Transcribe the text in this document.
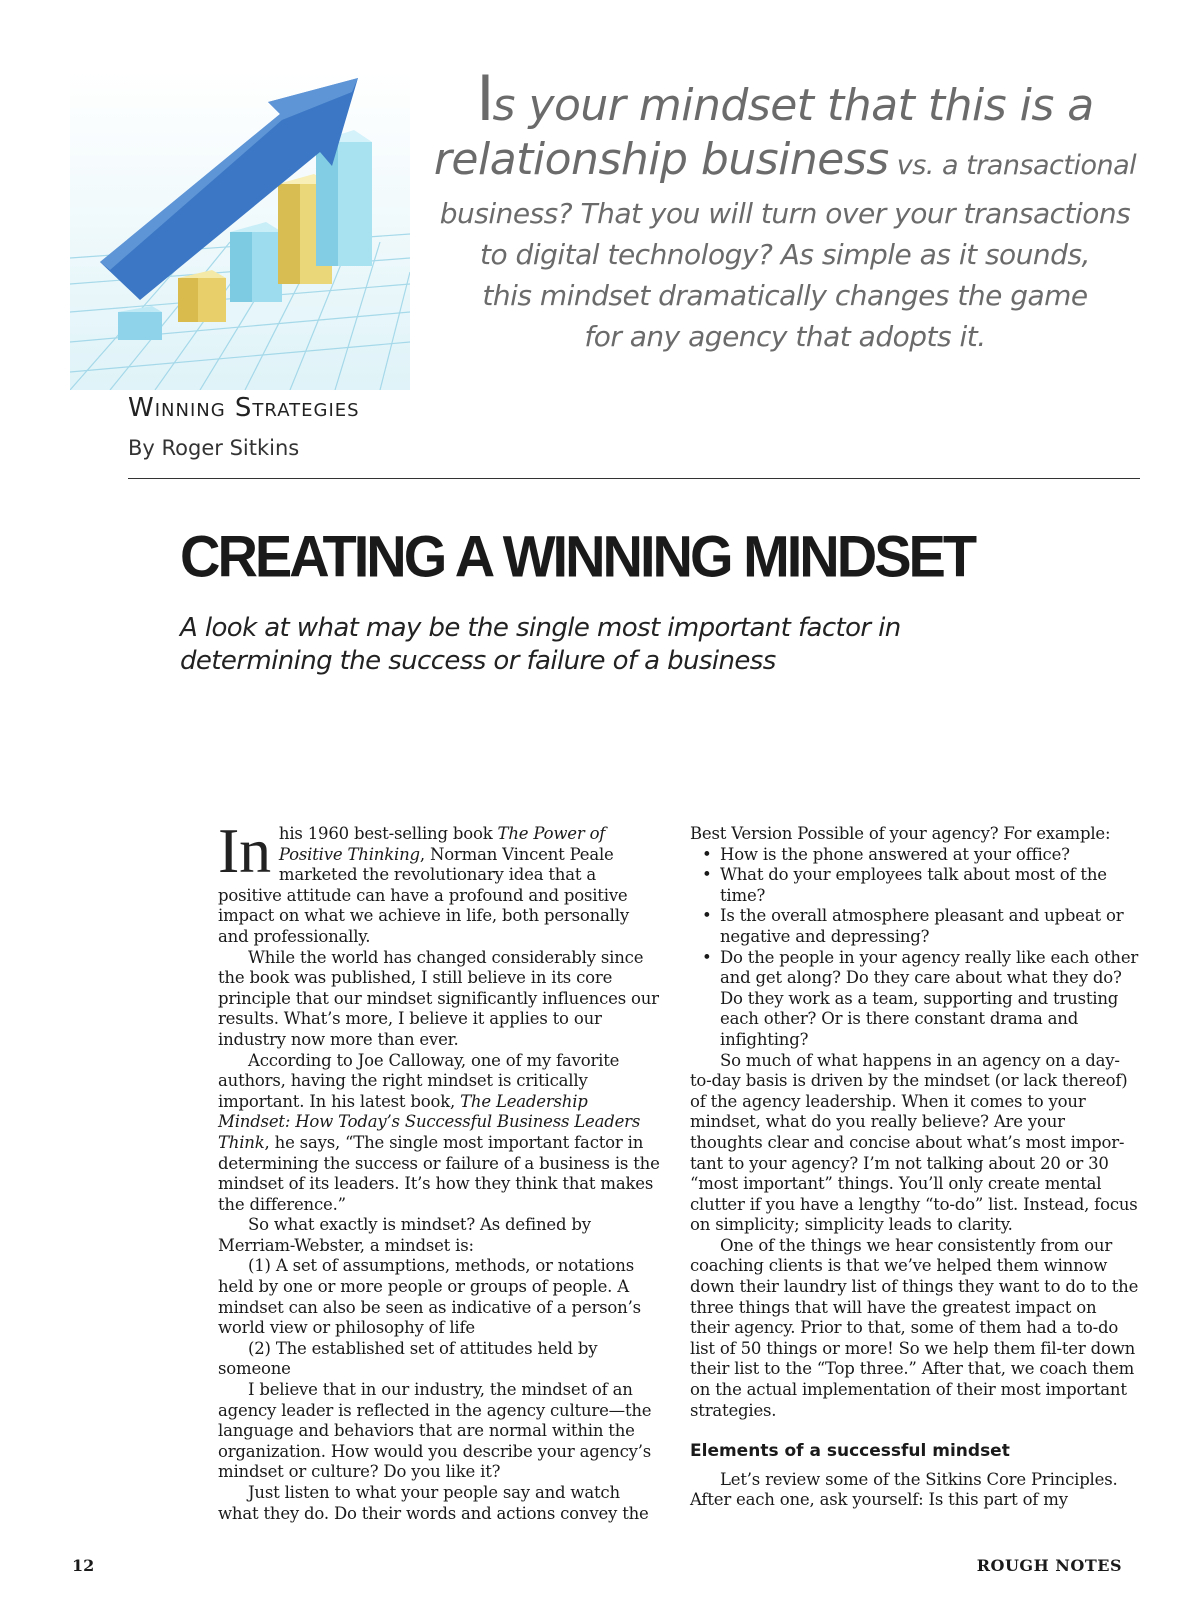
Is your mindset that this is a
relationship business vs. a transactional
business? That you will turn over your transactions
to digital technology? As simple as it sounds,
this mindset dramatically changes the game
for any agency that adopts it.
Winning Strategies
By Roger Sitkins
CREATING A WINNING MINDSET
A look at what may be the single most important factor in determining the success or failure of a business

In his 1960 best-selling book The Power of Positive Thinking, Norman Vincent Peale marketed the revolutionary idea that a positive attitude can have a profound and positive impact on what we achieve in life, both personally and professionally.

While the world has changed considerably since the book was published, I still believe in its core principle that our mindset significantly influences our results. What’s more, I believe it applies to our industry now more than ever.

According to Joe Calloway, one of my favorite authors, having the right mindset is critically important. In his latest book, The Leadership Mindset: How Today’s Successful Business Leaders Think, he says, “The single most important factor in determining the success or failure of a business is the mindset of its leaders. It’s how they think that makes the difference.”

So what exactly is mindset? As defined by Merriam-Webster, a mindset is:

(1) A set of assumptions, methods, or notations held by one or more people or groups of people. A mindset can also be seen as indicative of a person’s world view or philosophy of life

(2) The established set of attitudes held by someone

I believe that in our industry, the mindset of an agency leader is reflected in the agency culture—the language and behaviors that are normal within the organization. How would you describe your agency’s mindset or culture? Do you like it?

Just listen to what your people say and watch what they do. Do their words and actions convey the

Best Version Possible of your agency? For example:

• How is the phone answered at your office?
• What do your employees talk about most of the time?
• Is the overall atmosphere pleasant and upbeat or negative and depressing?
• Do the people in your agency really like each other and get along? Do they care about what they do? Do they work as a team, supporting and trusting each other? Or is there constant drama and infighting?

So much of what happens in an agency on a day-to-day basis is driven by the mindset (or lack thereof) of the agency leadership. When it comes to your mindset, what do you really believe? Are your thoughts clear and concise about what’s most impor-tant to your agency? I’m not talking about 20 or 30 “most important” things. You’ll only create mental clutter if you have a lengthy “to-do” list. Instead, focus on simplicity; simplicity leads to clarity.

One of the things we hear consistently from our coaching clients is that we’ve helped them winnow down their laundry list of things they want to do to the three things that will have the greatest impact on their agency. Prior to that, some of them had a to-do list of 50 things or more! So we help them fil-ter down their list to the “Top three.” After that, we coach them on the actual implementation of their most important strategies.

Elements of a successful mindset

Let’s review some of the Sitkins Core Principles. After each one, ask yourself: Is this part of my

12	ROUGH NOTES
